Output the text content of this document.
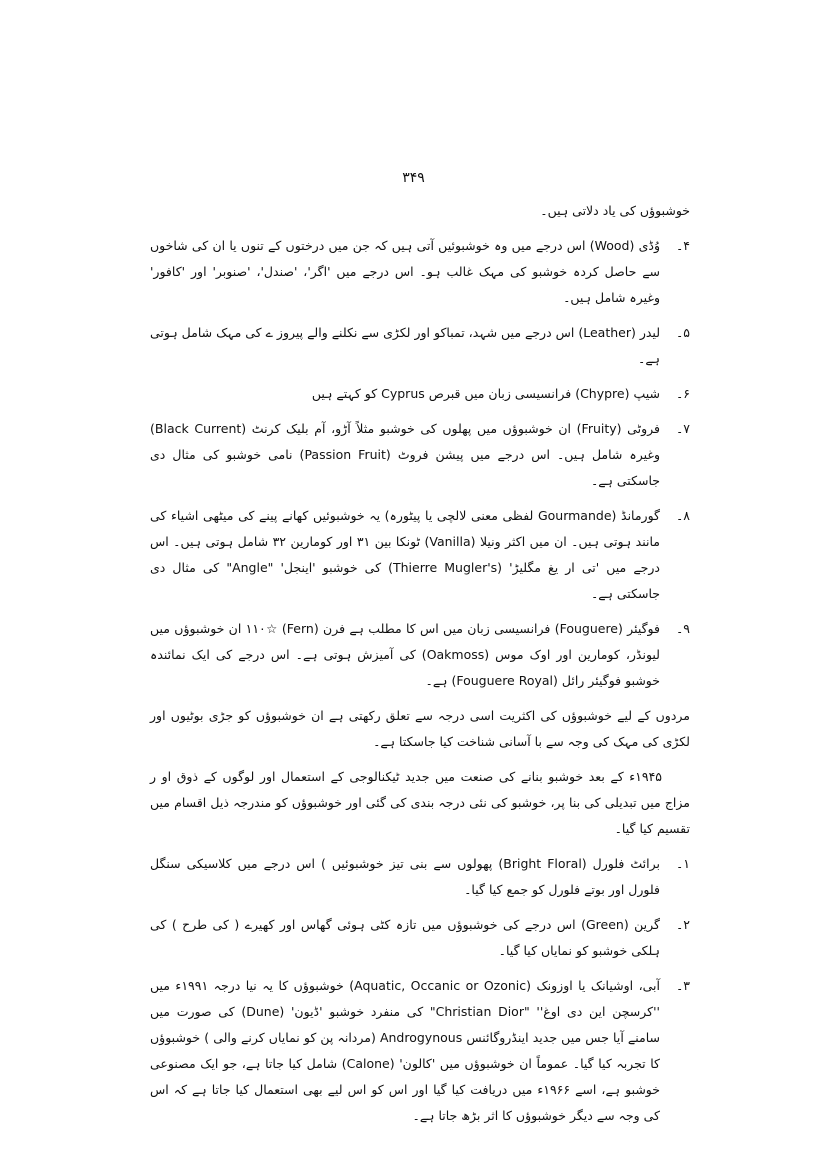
۳۴۹

خوشبوؤں کی یاد دلاتی ہیں۔

۴۔
وُڈی (Wood) اس درجے میں وہ خوشبوئیں آتی ہیں کہ جن میں درختوں کے تنوں یا ان کی شاخوں سے حاصل کردہ خوشبو کی مہک غالب ہو۔ اس درجے میں 'اگر'، 'صندل'، 'صنوبر' اور 'کافور' وغیرہ شامل ہیں۔
۵۔
لیدر (Leather) اس درجے میں شہد، تمباکو اور لکڑی سے نکلنے والے پیروز ے کی مہک شامل ہوتی ہے۔
۶۔
شیپ (Chypre) فرانسیسی زبان میں قبرص Cyprus کو کہتے ہیں
۷۔
فروٹی (Fruity) ان خوشبوؤں میں پھلوں کی خوشبو مثلاً آڑو، آم بلیک کرنٹ (Black Current) وغیرہ شامل ہیں۔ اس درجے میں پیشن فروٹ (Passion Fruit) نامی خوشبو کی مثال دی جاسکتی ہے۔
۸۔
گورمانڈ (Gourmande لفظی معنی لالچی یا پیٹورہ) یہ خوشبوئیں کھانے پینے کی میٹھی اشیاء کی مانند ہوتی ہیں۔ ان میں اکثر ونیلا (Vanilla) ٹونکا بین ۳۱ اور کومارین ۳۲ شامل ہوتی ہیں۔ اس درجے میں 'تی ار یغ مگلیڑ' (Thierre Mugler's) کی خوشبو 'اینجل' "Angle" کی مثال دی جاسکتی ہے۔
۹۔
فوگیئر (Fouguere) فرانسیسی زبان میں اس کا مطلب ہے فرن (Fern) ☆۱۱۰ ان خوشبوؤں میں لیونڈر، کومارین اور اوک موس (Oakmoss) کی آمیزش ہوتی ہے۔ اس درجے کی ایک نمائندہ خوشبو فوگیئر رائل (Fouguere Royal) ہے۔

مردوں کے لیے خوشبوؤں کی اکثریت اسی درجہ سے تعلق رکھتی ہے ان خوشبوؤں کو جڑی بوٹیوں اور لکڑی کی مہک کی وجہ سے با آسانی شناخت کیا جاسکتا ہے۔

۱۹۴۵ء کے بعد خوشبو بنانے کی صنعت میں جدید ٹیکنالوجی کے استعمال اور لوگوں کے ذوق او ر مزاج میں تبدیلی کی بنا پر، خوشبو کی نئی درجہ بندی کی گئی اور خوشبوؤں کو مندرجہ ذیل اقسام میں تقسیم کیا گیا۔

۱۔
برائٹ فلورل (Bright Floral) پھولوں سے بنی تیز خوشبوئیں ) اس درجے میں کلاسیکی سنگل فلورل اور بوتے فلورل کو جمع کیا گیا۔
۲۔
گرین (Green) اس درجے کی خوشبوؤں میں تازہ کٹی ہوئی گھاس اور کھیرے ( کی طرح ) کی ہلکی خوشبو کو نمایاں کیا گیا۔
۳۔
آبی، اوشیانک یا اوزونک (Aquatic, Occanic or Ozonic) خوشبوؤں کا یہ نیا درجہ ۱۹۹۱ء میں ''کرسچن این دی اوغ'' "Christian Dior" کی منفرد خوشبو 'ڈیون' (Dune) کی صورت میں سامنے آیا جس میں جدید اینڈروگائنس Androgynous (مردانہ پن کو نمایاں کرنے والی ) خوشبوؤں کا تجربہ کیا گیا۔ عموماً ان خوشبوؤں میں 'کالون' (Calone) شامل کیا جاتا ہے، جو ایک مصنوعی خوشبو ہے، اسے ۱۹۶۶ء میں دریافت کیا گیا اور اس کو اس لیے بھی استعمال کیا جاتا ہے کہ اس کی وجہ سے دیگر خوشبوؤں کا اثر بڑھ جاتا ہے۔
